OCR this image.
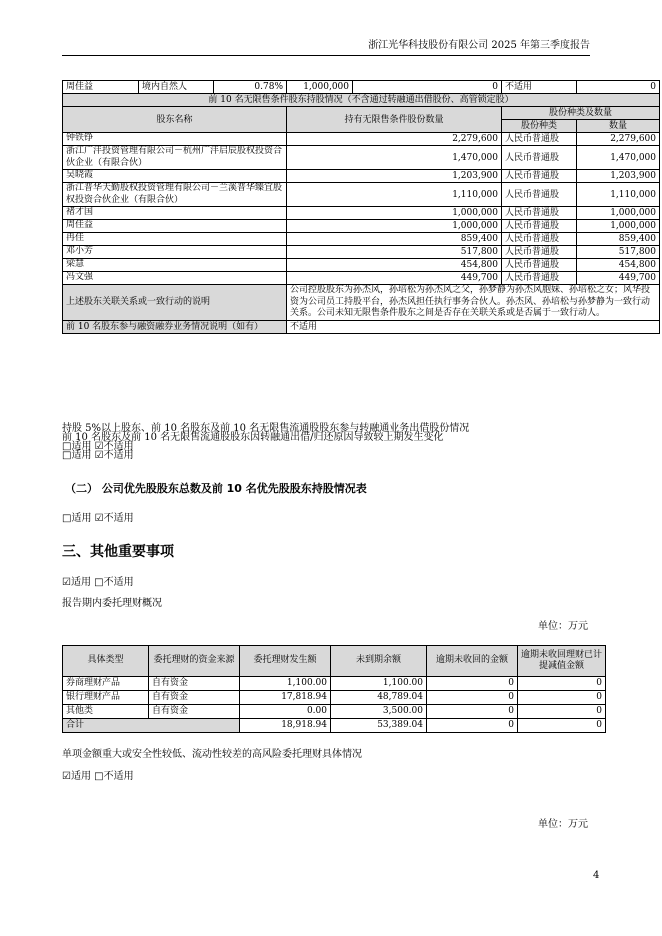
浙江光华科技股份有限公司 2025 年第三季度报告
周佳益	境内自然人	0.78%	1,000,000	0	不适用	0
前 10 名无限售条件股东持股情况（不含通过转融通出借股份、高管锁定股）						
股东名称			持有无限售条件股份数量		股份种类及数量	
					股份种类	数量
钟铁铮			2,279,600		人民币普通股	2,279,600
浙江广沣投资管理有限公司－杭州广沣启辰股权投资合伙企业（有限合伙）			1,470,000		人民币普通股	1,470,000
吴晓霞			1,203,900		人民币普通股	1,203,900
浙江普华天勤股权投资管理有限公司－兰溪普华臻宜股权投资合伙企业（有限合伙）			1,110,000		人民币普通股	1,110,000
褚才国			1,000,000		人民币普通股	1,000,000
周佳益			1,000,000		人民币普通股	1,000,000
冉佳			859,400		人民币普通股	859,400
邓小芳			517,800		人民币普通股	517,800
梁慧			454,800		人民币普通股	454,800
冯文强			449,700		人民币普通股	449,700
上述股东关联关系或一致行动的说明			公司控股股东为孙杰风，孙培松为孙杰风之父，孙梦静为孙杰风胞妹、孙培松之女；风华投资为公司员工持股平台，孙杰风担任执行事务合伙人。孙杰风、孙培松与孙梦静为一致行动关系。公司未知无限售条件股东之间是否存在关联关系或是否属于一致行动人。			
前 10 名股东参与融资融券业务情况说明（如有）			不适用			
持股 5%以上股东、前 10 名股东及前 10 名无限售流通股股东参与转融通业务出借股份情况
□适用 ☑不适用
前 10 名股东及前 10 名无限售流通股股东因转融通出借/归还原因导致较上期发生变化
□适用 ☑不适用
（二） 公司优先股股东总数及前 10 名优先股股东持股情况表
□适用 ☑不适用
三、其他重要事项
☑适用 □不适用
报告期内委托理财概况
单位：万元
具体类型	委托理财的资金来源	委托理财发生额	未到期余额	逾期未收回的金额	逾期未收回理财已计提减值金额
券商理财产品	自有资金	1,100.00	1,100.00	0	0
银行理财产品	自有资金	17,818.94	48,789.04	0	0
其他类	自有资金	0.00	3,500.00	0	0
合计		18,918.94	53,389.04	0	0
单项金额重大或安全性较低、流动性较差的高风险委托理财具体情况
☑适用 □不适用
单位：万元
4
